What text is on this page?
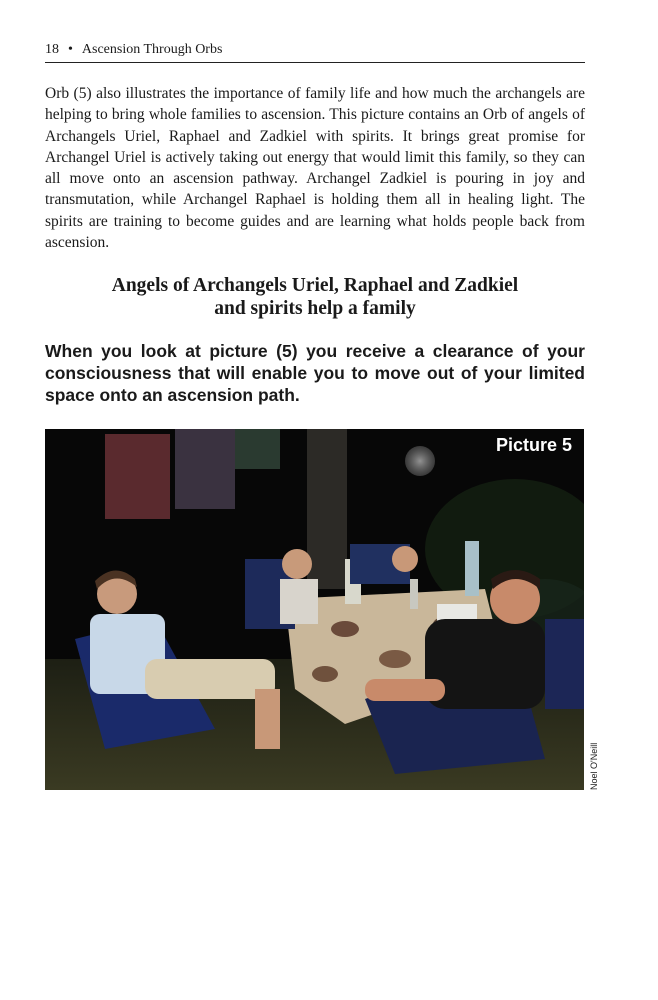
18 • Ascension Through Orbs

Orb (5) also illustrates the importance of family life and how much the archangels are helping to bring whole families to ascension. This picture contains an Orb of angels of Archangels Uriel, Raphael and Zadkiel with spirits. It brings great promise for Archangel Uriel is actively taking out energy that would limit this family, so they can all move onto an ascension pathway. Archangel Zadkiel is pouring in joy and transmutation, while Archangel Raphael is holding them all in healing light. The spirits are training to become guides and are learning what holds people back from ascension.

Angels of Archangels Uriel, Raphael and Zadkiel
and spirits help a family

When you look at picture (5) you receive a clearance of your consciousness that will enable you to move out of your limited space onto an ascension path.

Picture 5
Noel O'Neill
